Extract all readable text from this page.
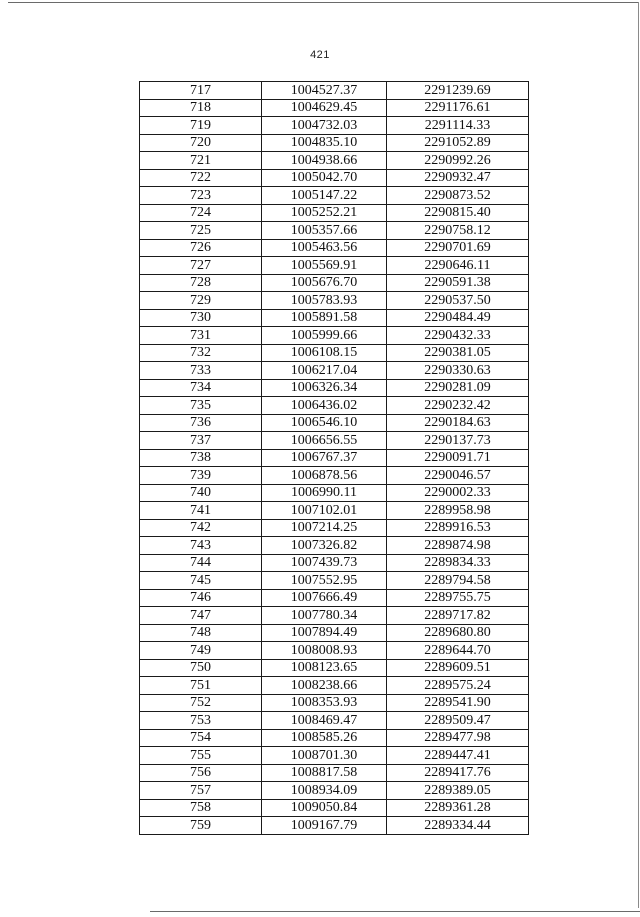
421
717	1004527.37	2291239.69
718	1004629.45	2291176.61
719	1004732.03	2291114.33
720	1004835.10	2291052.89
721	1004938.66	2290992.26
722	1005042.70	2290932.47
723	1005147.22	2290873.52
724	1005252.21	2290815.40
725	1005357.66	2290758.12
726	1005463.56	2290701.69
727	1005569.91	2290646.11
728	1005676.70	2290591.38
729	1005783.93	2290537.50
730	1005891.58	2290484.49
731	1005999.66	2290432.33
732	1006108.15	2290381.05
733	1006217.04	2290330.63
734	1006326.34	2290281.09
735	1006436.02	2290232.42
736	1006546.10	2290184.63
737	1006656.55	2290137.73
738	1006767.37	2290091.71
739	1006878.56	2290046.57
740	1006990.11	2290002.33
741	1007102.01	2289958.98
742	1007214.25	2289916.53
743	1007326.82	2289874.98
744	1007439.73	2289834.33
745	1007552.95	2289794.58
746	1007666.49	2289755.75
747	1007780.34	2289717.82
748	1007894.49	2289680.80
749	1008008.93	2289644.70
750	1008123.65	2289609.51
751	1008238.66	2289575.24
752	1008353.93	2289541.90
753	1008469.47	2289509.47
754	1008585.26	2289477.98
755	1008701.30	2289447.41
756	1008817.58	2289417.76
757	1008934.09	2289389.05
758	1009050.84	2289361.28
759	1009167.79	2289334.44
